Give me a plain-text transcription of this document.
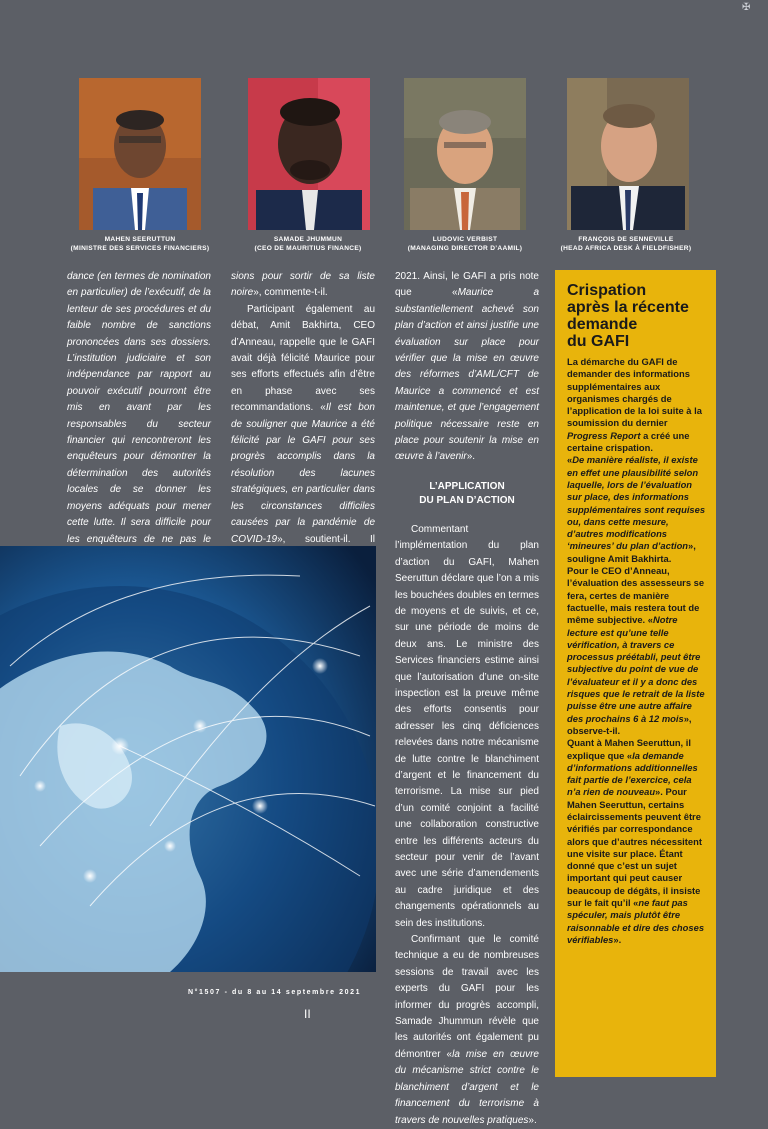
✠
MAHEN SEERUTTUN
(MINISTRE DES SERVICES FINANCIERS)
SAMADE JHUMMUN
(CEO DE MAURITIUS FINANCE)
LUDOVIC VERBIST
(MANAGING DIRECTOR D’AAMIL)
FRANÇOIS DE SENNEVILLE
(HEAD AFRICA DESK À FIELDFISHER)

dance (en termes de nomination en particulier) de l’exécutif, de la lenteur de ses procédures et du faible nombre de sanctions prononcées dans ses dossiers. L’institution judiciaire et son indépendance par rapport au pouvoir exécutif pourront être mis en avant par les responsables du secteur financier qui rencontreront les enquêteurs pour démontrer la détermination des autorités locales de se donner les moyens adéquats pour mener cette lutte. Il sera difficile pour les enquêteurs de ne pas le

sions pour sortir de sa liste noire», commente-t-il.

Participant également au débat, Amit Bakhirta, CEO d’Anneau, rappelle que le GAFI avait déjà félicité Maurice pour ses efforts effectués afin d’être en phase avec ses recommandations. «Il est bon de souligner que Maurice a été félicité par le GAFI pour ses progrès accomplis dans la résolution des lacunes stratégiques, en particulier dans les circonstances difficiles causées par la pandémie de COVID-19», soutient-il. Il

2021. Ainsi, le GAFI a pris note que «Maurice a substantiellement achevé son plan d’action et ainsi justifie une évaluation sur place pour vérifier que la mise en œuvre des réformes d’AML/CFT de Maurice a commencé et est maintenue, et que l’engagement politique nécessaire reste en place pour soutenir la mise en œuvre à l’avenir».

L’APPLICATION
DU PLAN D’ACTION

Commentant l’implémentation du plan d’action du GAFI, Mahen Seeruttun déclare que l’on a mis les bouchées doubles en termes de moyens et de suivis, et ce, sur une période de moins de deux ans. Le ministre des Services financiers estime ainsi que l’autorisation d’une on-site inspection est la preuve même des efforts consentis pour adresser les cinq déficiences relevées dans notre mécanisme de lutte contre le blanchiment d’argent et le financement du terrorisme. La mise sur pied d’un comité conjoint a facilité une collaboration constructive entre les différents acteurs du secteur pour venir de l’avant avec une série d’amendements au cadre juridique et des changements opérationnels au sein des institutions.

Confirmant que le comité technique a eu de nombreuses sessions de travail avec les experts du GAFI pour les informer du progrès accompli, Samade Jhummun révèle que les autorités ont également pu démontrer «la mise en œuvre du mécanisme strict contre le blanchiment d’argent et le financement du terrorisme à travers de nouvelles pratiques».

Crispation
après la récente
demande
du GAFI
La démarche du GAFI de demander des informations supplémentaires aux organismes chargés de l’application de la loi suite à la soumission du dernier Progress Report a créé une certaine crispation.
«De manière réaliste, il existe en effet une plausibilité selon laquelle, lors de l’évaluation sur place, des informations supplémentaires sont requises ou, dans cette mesure, d’autres modifications ‘mineures’ du plan d’action», souligne Amit Bakhirta.
Pour le CEO d’Anneau, l’évaluation des assesseurs se fera, certes de manière factuelle, mais restera tout de même subjective. «Notre lecture est qu’une telle vérification, à travers ce processus préétabli, peut être subjective du point de vue de l’évaluateur et il y a donc des risques que le retrait de la liste puisse être une autre affaire des prochains 6 à 12 mois», observe-t-il.
Quant à Mahen Seeruttun, il explique que «la demande d’informations additionnelles fait partie de l’exercice, cela n’a rien de nouveau». Pour Mahen Seeruttun, certains éclaircissements peuvent être vérifiés par correspondance alors que d’autres nécessitent une visite sur place. Étant donné que c’est un sujet important qui peut causer beaucoup de dégâts, il insiste sur le fait qu’il «ne faut pas spéculer, mais plutôt être raisonnable et dire des choses vérifiables».
N°1507 - du 8 au 14 septembre 2021
II
